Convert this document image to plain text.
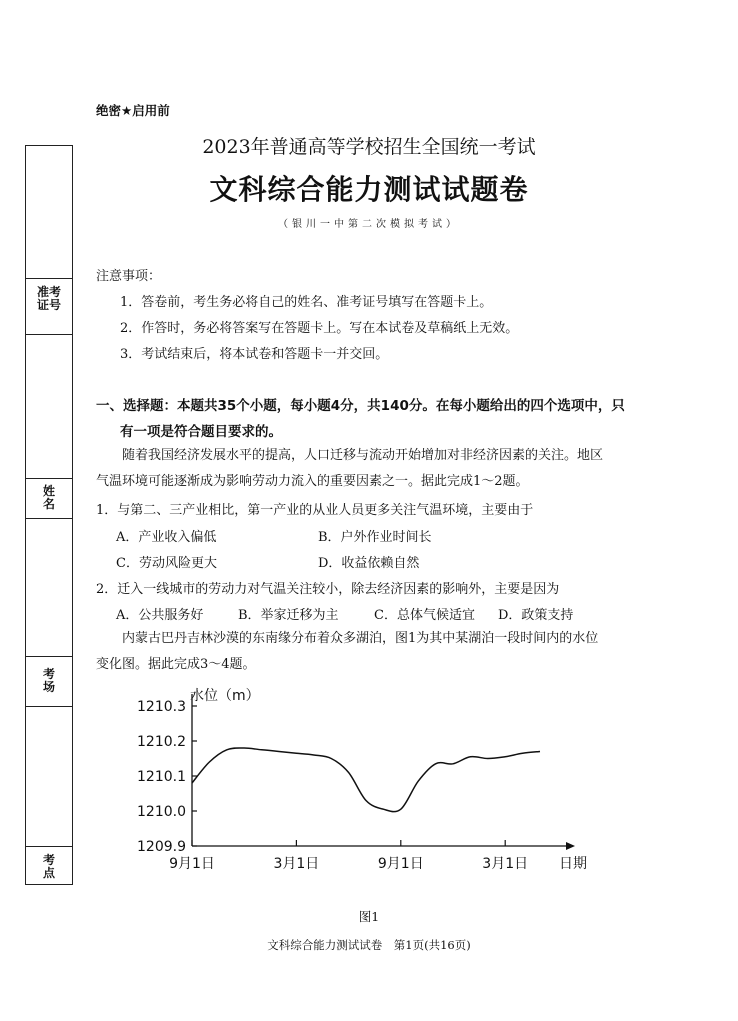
绝密★启用前
2023年普通高等学校招生全国统一考试
文科综合能力测试试题卷
（银川一中第二次模拟考试）
准考
证号
姓
名
考
场
考
点
注意事项：
1．答卷前，考生务必将自己的姓名、准考证号填写在答题卡上。
2．作答时，务必将答案写在答题卡上。写在本试卷及草稿纸上无效。
3．考试结束后，将本试卷和答题卡一并交回。
一、选择题：本题共35个小题，每小题4分，共140分。在每小题给出的四个选项中，只
有一项是符合题目要求的。
随着我国经济发展水平的提高，人口迁移与流动开始增加对非经济因素的关注。地区
气温环境可能逐渐成为影响劳动力流入的重要因素之一。据此完成1～2题。
1．与第二、三产业相比，第一产业的从业人员更多关注气温环境，主要由于
A．产业收入偏低	B．户外作业时间长
C．劳动风险更大	D．收益依赖自然
2．迁入一线城市的劳动力对气温关注较小，除去经济因素的影响外，主要是因为
A．公共服务好	B．举家迁移为主	C．总体气候适宜 D．政策支持
内蒙古巴丹吉林沙漠的东南缘分布着众多湖泊，图1为其中某湖泊一段时间内的水位
变化图。据此完成3～4题。
1210.3
1210.2
1210.1
1210.0
1209.9
9月1日	3月1日	9月1日	3月1日
水位（m）
日期
图1
文科综合能力测试试卷　第1页(共16页)
